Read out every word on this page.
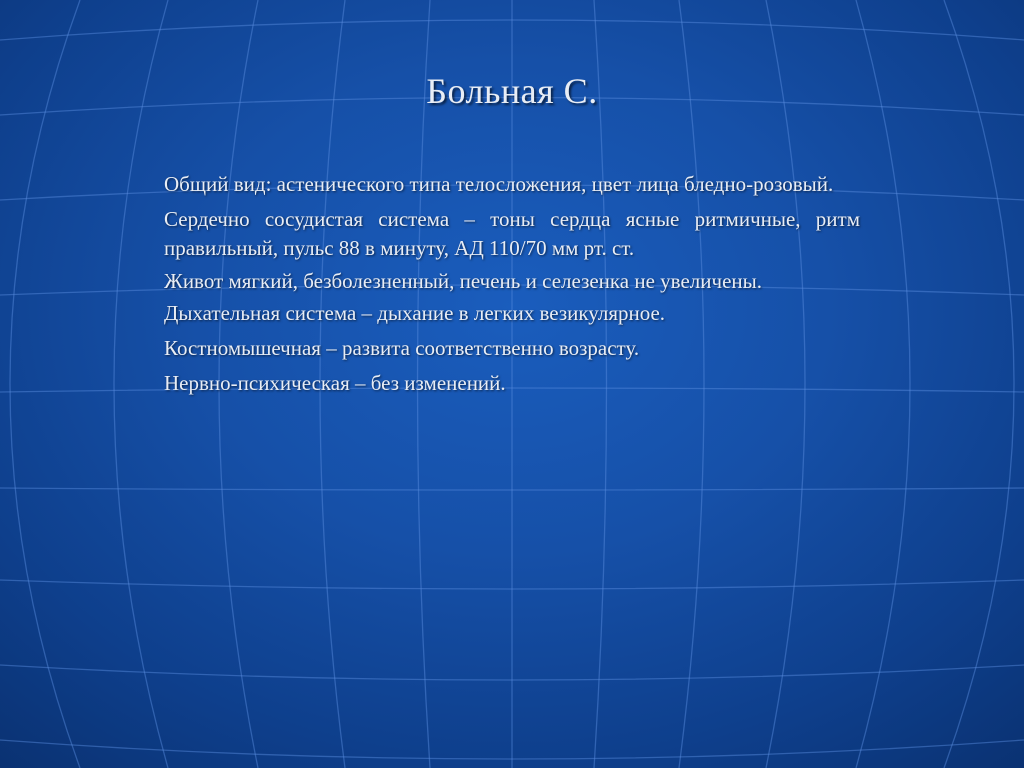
Больная С.

Общий вид: астенического типа телосложения, цвет лица бледно-розовый.

Сердечно сосудистая система – тоны сердца ясные ритмичные, ритм правильный, пульс 88 в минуту, АД 110/70 мм рт. ст.

Живот мягкий, безболезненный, печень и селезенка не увеличены.

Дыхательная система – дыхание в легких везикулярное.

Костномышечная – развита соответственно возрасту.

Нервно-психическая – без изменений.
